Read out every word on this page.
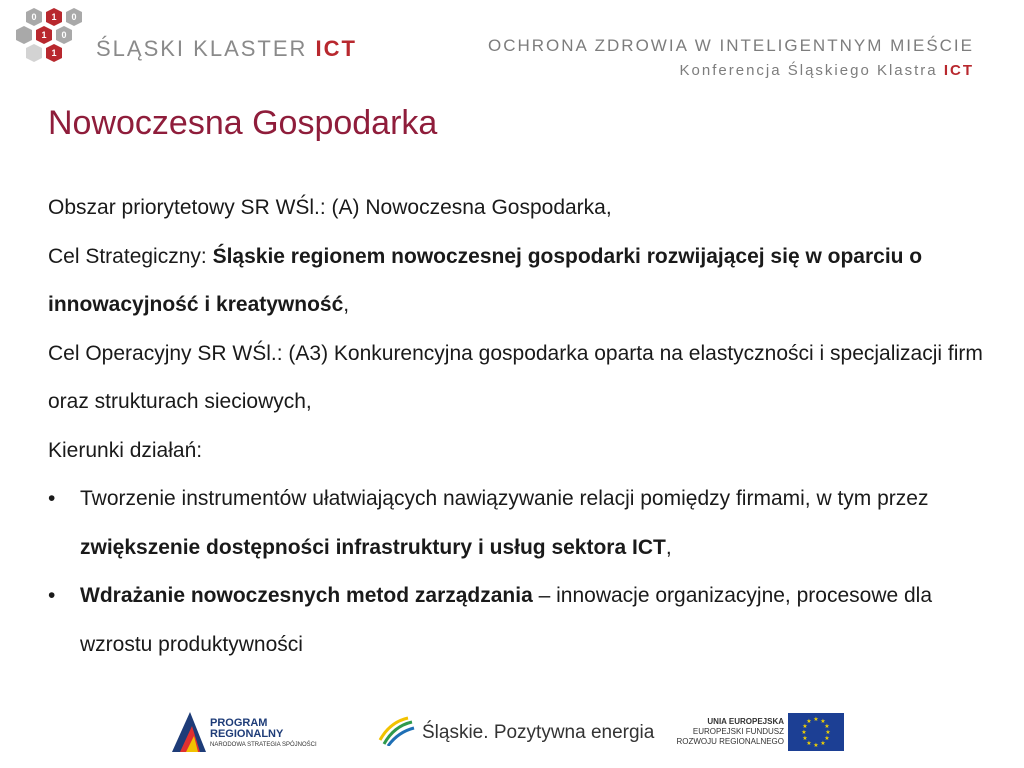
0 1 0
1 0
1 ŚLĄSKI KLASTER ICT	OCHRONA ZDROWIA W INTELIGENTNYM MIEŚCIE
Konferencja Śląskiego Klastra ICT
Nowoczesna Gospodarka

Obszar priorytetowy SR WŚl.: (A) Nowoczesna Gospodarka,

Cel Strategiczny: Śląskie regionem nowoczesnej gospodarki rozwijającej się w oparciu o innowacyjność i kreatywność,

Cel Operacyjny SR WŚl.: (A3) Konkurencyjna gospodarka oparta na elastyczności i specjalizacji firm oraz strukturach sieciowych,

Kierunki działań:

• Tworzenie instrumentów ułatwiających nawiązywanie relacji pomiędzy firmami, w tym przez zwiększenie dostępności infrastruktury i usług sektora ICT,

• Wdrażanie nowoczesnych metod zarządzania – innowacje organizacyjne, procesowe dla wzrostu produktywności

PROGRAM
REGIONALNY
NARODOWA STRATEGIA SPÓJNOŚCI
Śląskie. Pozytywna energia
UNIA EUROPEJSKA
EUROPEJSKI FUNDUSZ
ROZWOJU REGIONALNEGO
★ ★
★
★
★
★
★
★
★
★
★
★
